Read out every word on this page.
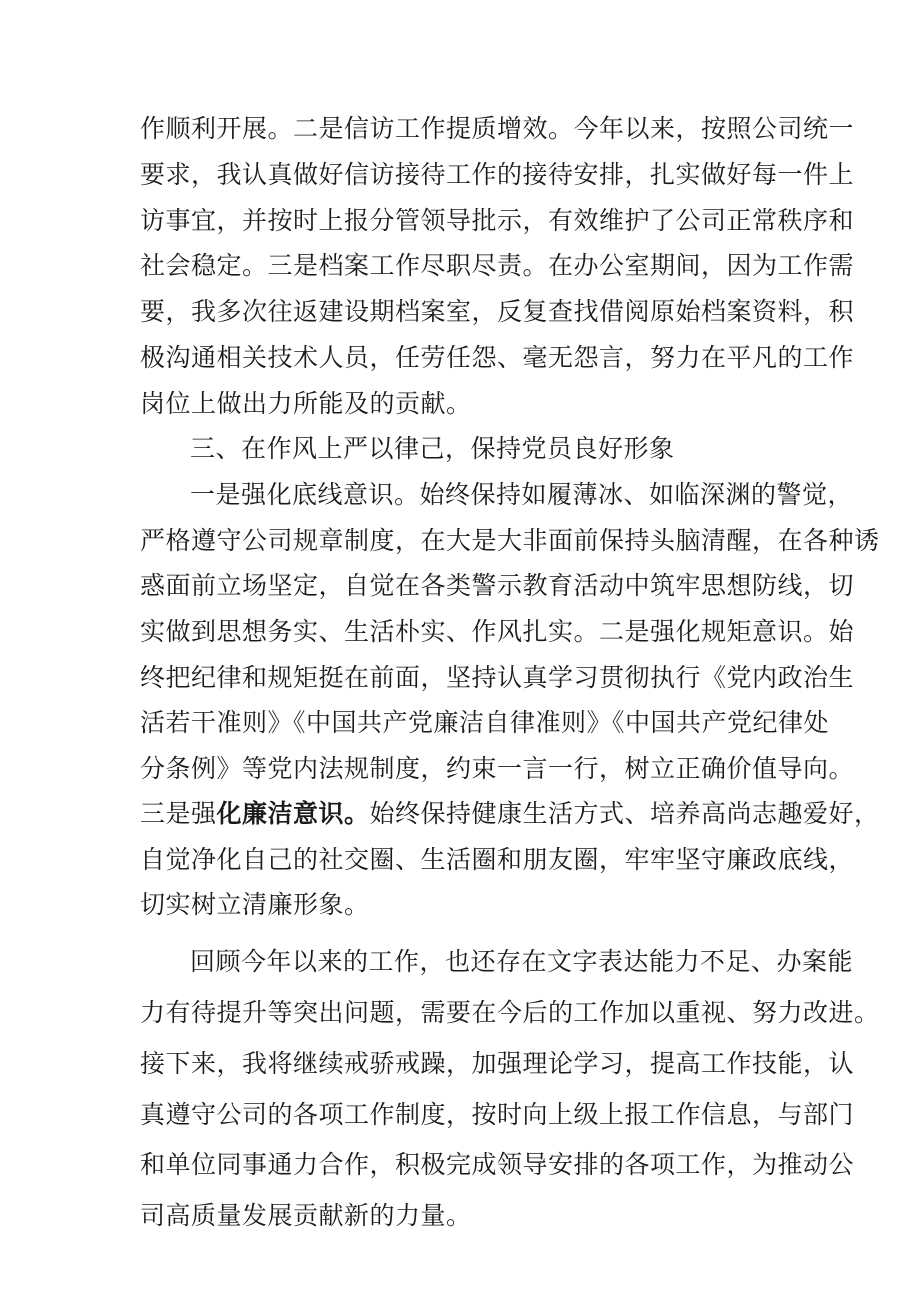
作顺利开展。二是信访工作提质增效。今年以来，按照公司统一
要求，我认真做好信访接待工作的接待安排，扎实做好每一件上
访事宜，并按时上报分管领导批示，有效维护了公司正常秩序和
社会稳定。三是档案工作尽职尽责。在办公室期间，因为工作需
要，我多次往返建设期档案室，反复查找借阅原始档案资料，积
极沟通相关技术人员，任劳任怨、毫无怨言，努力在平凡的工作
岗位上做出力所能及的贡献。
三、在作风上严以律己，保持党员良好形象
一是强化底线意识。始终保持如履薄冰、如临深渊的警觉，
严格遵守公司规章制度，在大是大非面前保持头脑清醒，在各种诱
惑面前立场坚定，自觉在各类警示教育活动中筑牢思想防线，切
实做到思想务实、生活朴实、作风扎实。二是强化规矩意识。始
终把纪律和规矩挺在前面，坚持认真学习贯彻执行《党内政治生
活若干准则》《中国共产党廉洁自律准则》《中国共产党纪律处
分条例》等党内法规制度，约束一言一行，树立正确价值导向。
三是强化廉洁意识。始终保持健康生活方式、培养高尚志趣爱好，
自觉净化自己的社交圈、生活圈和朋友圈，牢牢坚守廉政底线，
切实树立清廉形象。
回顾今年以来的工作，也还存在文字表达能力不足、办案能
力有待提升等突出问题，需要在今后的工作加以重视、努力改进。
接下来，我将继续戒骄戒躁，加强理论学习，提高工作技能，认
真遵守公司的各项工作制度，按时向上级上报工作信息，与部门
和单位同事通力合作，积极完成领导安排的各项工作，为推动公
司高质量发展贡献新的力量。
